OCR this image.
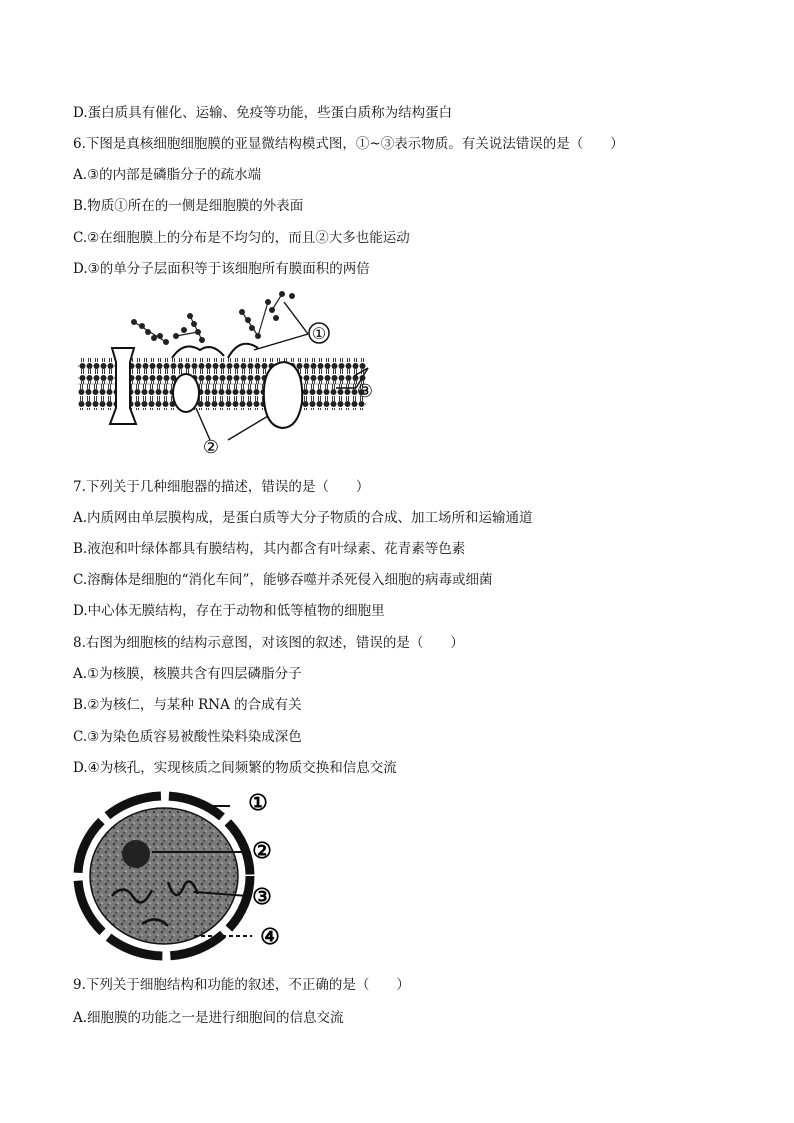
D.蛋白质具有催化、运输、免疫等功能，些蛋白质称为结构蛋白
6.下图是真核细胞细胞膜的亚显微结构模式图，①~③表示物质。有关说法错误的是（　　）
A.③的内部是磷脂分子的疏水端
B.物质①所在的一侧是细胞膜的外表面
C.②在细胞膜上的分布是不均匀的，而且②大多也能运动
D.③的单分子层面积等于该细胞所有膜面积的两倍
①
③
②
7.下列关于几种细胞器的描述，错误的是（　　）
A.内质网由单层膜构成，是蛋白质等大分子物质的合成、加工场所和运输通道
B.液泡和叶绿体都具有膜结构，其内都含有叶绿素、花青素等色素
C.溶酶体是细胞的“消化车间”，能够吞噬并杀死侵入细胞的病毒或细菌
D.中心体无膜结构，存在于动物和低等植物的细胞里
8.右图为细胞核的结构示意图，对该图的叙述，错误的是（　　）
A.①为核膜，核膜共含有四层磷脂分子
B.②为核仁，与某种 RNA 的合成有关
C.③为染色质容易被酸性染料染成深色
D.④为核孔，实现核质之间频繁的物质交换和信息交流
①
②
③
④
9.下列关于细胞结构和功能的叙述，不正确的是（　　）
A.细胞膜的功能之一是进行细胞间的信息交流
